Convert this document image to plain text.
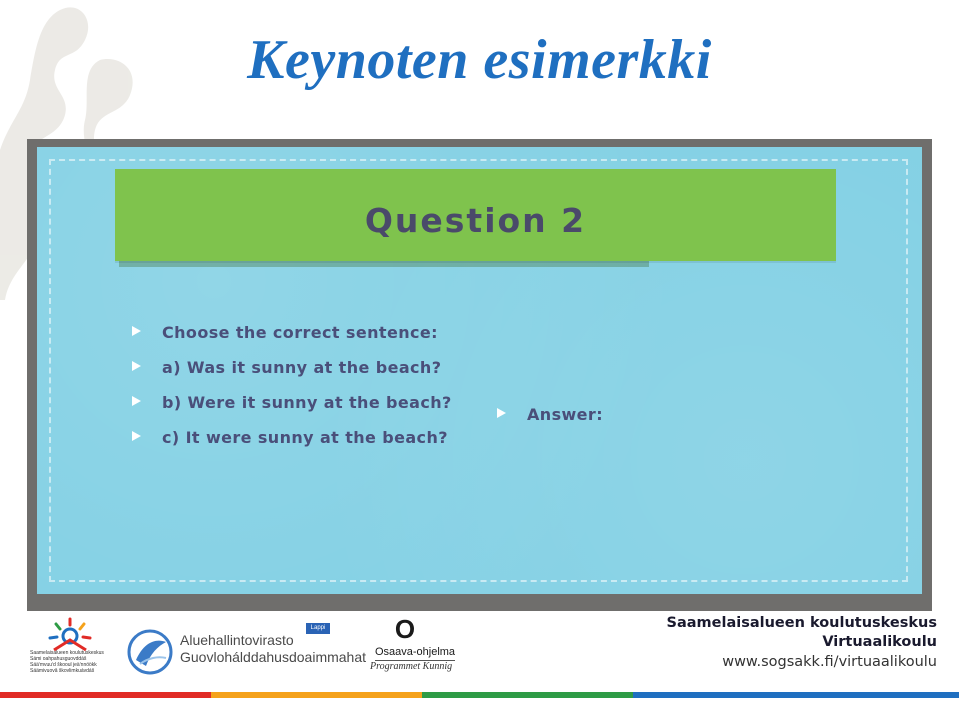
Keynoten esimerkki
Question 2
Choose the correct sentence:
a) Was it sunny at the beach?
b) Were it sunny at the beach?
c) It were sunny at the beach?
Answer:
Saamelaisalueen koulutuskeskus
Sámi oahpahusguovddáš
Sääʹmvuuʹd škooul jeäʹnnöökk
Säämivuovâ škovlimkuávdáš
Aluehallintovirasto
Guovlohálddahusdoaimmahat
Lappi	O
Osaava-ohjelma
Programmet Kunnig
Saamelaisalueen koulutuskeskus
Virtuaalikoulu
www.sogsakk.fi/virtuaalikoulu
